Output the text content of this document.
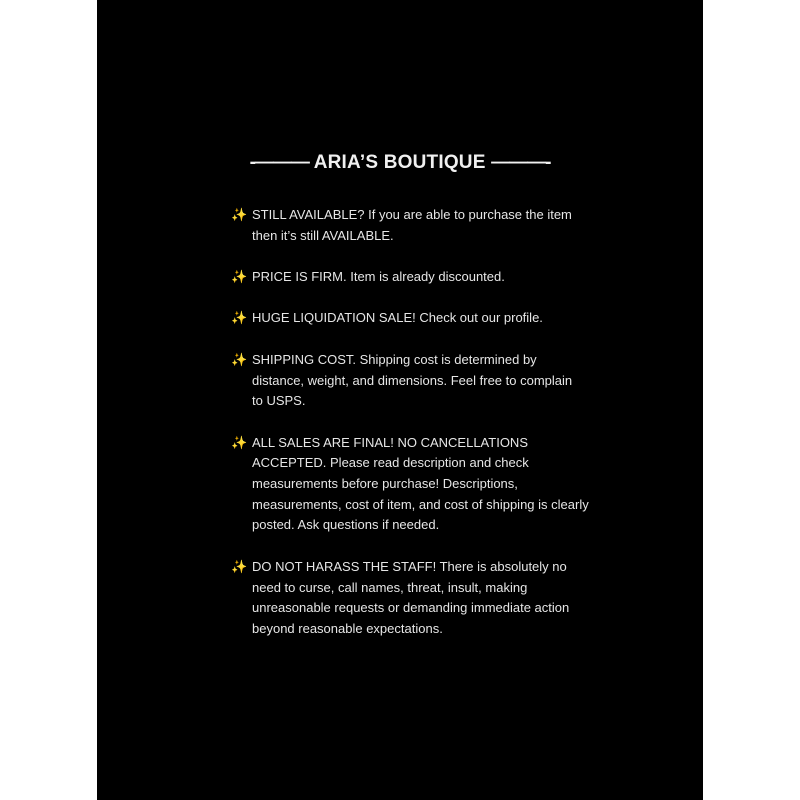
-——— ARIA’S BOUTIQUE ———-
✨ STILL AVAILABLE? If you are able to purchase the item then it’s still AVAILABLE.
✨ PRICE IS FIRM. Item is already discounted.
✨ HUGE LIQUIDATION SALE! Check out our profile.
✨ SHIPPING COST. Shipping cost is determined by distance, weight, and dimensions. Feel free to complain to USPS.
✨ ALL SALES ARE FINAL! NO CANCELLATIONS ACCEPTED. Please read description and check measurements before purchase! Descriptions, measurements, cost of item, and cost of shipping is clearly posted. Ask questions if needed.
✨ DO NOT HARASS THE STAFF! There is absolutely no need to curse, call names, threat, insult, making unreasonable requests or demanding immediate action beyond reasonable expectations.
